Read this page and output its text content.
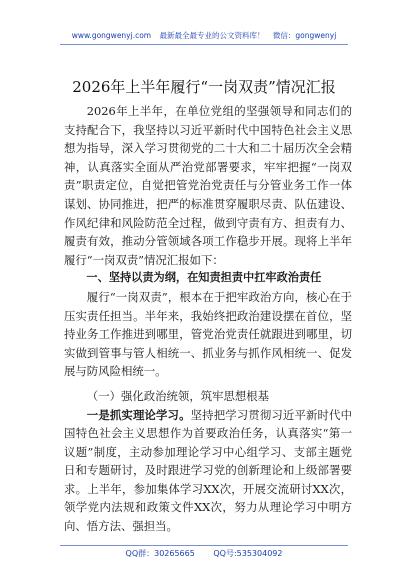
www.gongwenyj.com 最新最全最专业的公文资料库！ 微信：gongwenyj
2026年上半年履行“一岗双责”情况汇报

2026年上半年，在单位党组的坚强领导和同志们的支持配合下，我坚持以习近平新时代中国特色社会主义思想为指导，深入学习贯彻党的二十大和二十届历次全会精神，认真落实全面从严治党部署要求，牢牢把握“一岗双责”职责定位，自觉把管党治党责任与分管业务工作一体谋划、协同推进，把严的标准贯穿履职尽责、队伍建设、作风纪律和风险防范全过程，做到守责有方、担责有力、履责有效，推动分管领域各项工作稳步开展。现将上半年履行“一岗双责”情况汇报如下：

一、坚持以责为纲，在知责担责中扛牢政治责任

履行“一岗双责”，根本在于把牢政治方向，核心在于压实责任担当。半年来，我始终把政治建设摆在首位，坚持业务工作推进到哪里，管党治党责任就跟进到哪里，切实做到管事与管人相统一、抓业务与抓作风相统一、促发展与防风险相统一。

（一）强化政治统领，筑牢思想根基

一是抓实理论学习。坚持把学习贯彻习近平新时代中国特色社会主义思想作为首要政治任务，认真落实“第一议题”制度，主动参加理论学习中心组学习、支部主题党日和专题研讨，及时跟进学习党的创新理论和上级部署要求。上半年，参加集体学习XX次，开展交流研讨XX次，领学党内法规和政策文件XX次，努力从理论学习中明方向、悟方法、强担当。

QQ群：30265665 QQ号:535304092
